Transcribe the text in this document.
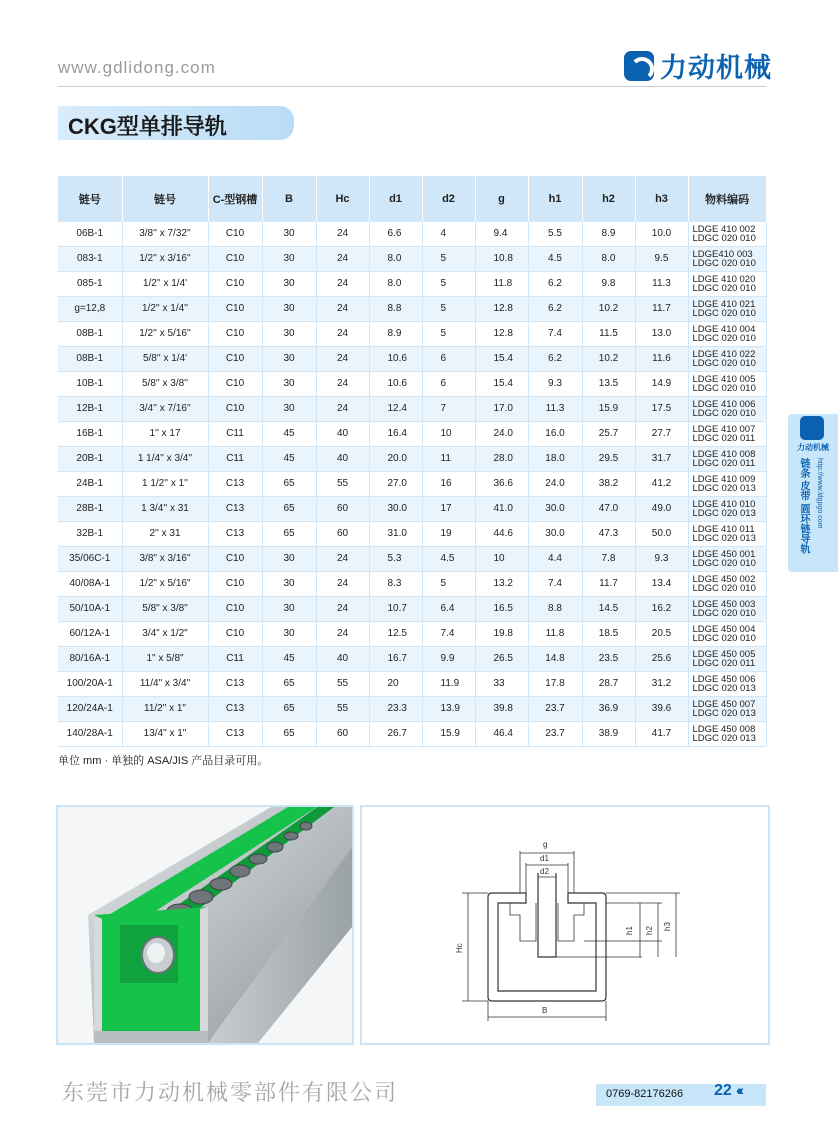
www.gdlidong.com	力动机械
CKG型单排导轨
链号	链号	C-型钢槽	B	Hc	d1	d2	g	h1	h2	h3	物料编码
06B-1	3/8'' x 7/32''	C10	30	24	6.6	4	9.4	5.5	8.9	10.0	LDGE 410 002
LDGC 020 010

083-1	1/2'' x 3/16''	C10	30	24	8.0	5	10.8	4.5	8.0	9.5	LDGE410 003
LDGC 020 010

085-1	1/2'' x 1/4'	C10	30	24	8.0	5	11.8	6.2	9.8	11.3	LDGE 410 020
LDGC 020 010

g=12,8	1/2'' x 1/4''	C10	30	24	8.8	5	12.8	6.2	10.2	11.7	LDGE 410 021
LDGC 020 010

08B-1	1/2'' x 5/16''	C10	30	24	8.9	5	12.8	7.4	11.5	13.0	LDGE 410 004
LDGC 020 010

08B-1	5/8'' x 1/4'	C10	30	24	10.6	6	15.4	6.2	10.2	11.6	LDGE 410 022
LDGC 020 010

10B-1	5/8'' x 3/8''	C10	30	24	10.6	6	15.4	9.3	13.5	14.9	LDGE 410 005
LDGC 020 010

12B-1	3/4'' x 7/16''	C10	30	24	12.4	7	17.0	11.3	15.9	17.5	LDGE 410 006
LDGC 020 010

16B-1	1'' x 17	C11	45	40	16.4	10	24.0	16.0	25.7	27.7	LDGE 410 007
LDGC 020 011

20B-1	1 1/4'' x 3/4''	C11	45	40	20.0	11	28.0	18.0	29.5	31.7	LDGE 410 008
LDGC 020 011

24B-1	1 1/2'' x 1''	C13	65	55	27.0	16	36.6	24.0	38.2	41.2	LDGE 410 009
LDGC 020 013

28B-1	1 3/4'' x 31	C13	65	60	30.0	17	41.0	30.0	47.0	49.0	LDGE 410 010
LDGC 020 013

32B-1	2'' x 31	C13	65	60	31.0	19	44.6	30.0	47.3	50.0	LDGE 410 011
LDGC 020 013

35/06C-1	3/8" x 3/16"	C10	30	24	5.3	4.5	10	4.4	7.8	9.3	LDGE 450 001
LDGC 020 010

40/08A-1	1/2" x 5/16"	C10	30	24	8.3	5	13.2	7.4	11.7	13.4	LDGE 450 002
LDGC 020 010

50/10A-1	5/8" x 3/8"	C10	30	24	10.7	6.4	16.5	8.8	14.5	16.2	LDGE 450 003
LDGC 020 010

60/12A-1	3/4" x 1/2"	C10	30	24	12.5	7.4	19.8	11.8	18.5	20.5	LDGE 450 004
LDGC 020 010

80/16A-1	1" x 5/8"	C11	45	40	16.7	9.9	26.5	14.8	23.5	25.6	LDGE 450 005
LDGC 020 011

100/20A-1	11/4" x 3/4"	C13	65	55	20	11.9	33	17.8	28.7	31.2	LDGE 450 006
LDGC 020 013

120/24A-1	11/2" x 1"	C13	65	55	23.3	13.9	39.8	23.7	36.9	39.6	LDGE 450 007
LDGC 020 013

140/28A-1	13/4" x 1"	C13	65	60	26.7	15.9	46.4	23.7	38.9	41.7	LDGE 450 008
LDGC 020 013
单位 mm · 单独的 ASA/JIS 产品目录可用。
g
d1
d2
h1 h2 h3
Hc
B
力动机械
链条 皮带 圆环链导轨 http://www.ldgpgo.com
东莞市力动机械零部件有限公司	0769-82176266 22 ‹‹‹
